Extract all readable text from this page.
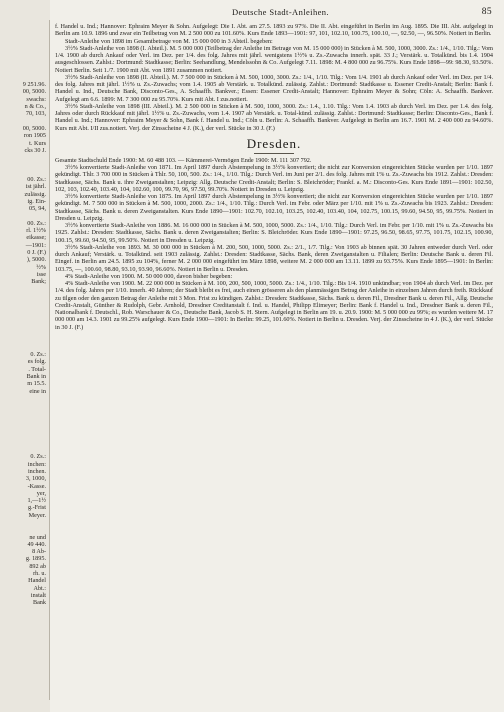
Deutsche Stadt-Anleihen.	85
9 251.96.
00, 5000.
swachs:
n & Co.,
70, 103,
00, 5000.
ron 1905
t. Kurs
cks 30 J.
00. Zs.:
ist jährl.
zulässig.
ig. Ein-
05, 94,
00. Zs.:
rl. 1½%
eikasse;
—1901:
0 J. (F.)
), 5000.
½%
isse
Bank;
0. Zs.:
es folg.
. Total-
Bank in
m 15.5.
eine in
0. Zs.:
inchen:
inchen.
3, 1000,
-Kasse.
yer,
1,—1½
g.-Frist
Meyer.
ne und
49 440.
8 Ab-
g. 1895.
892 ab
rh. u.
Handel
Abt.:
instalt
Bank

f. Handel u. Ind.; Hannover: Ephraim Meyer & Sohn. Aufgelegt: Die I. Abt. am 27.5. 1893 zu 97%. Die II. Abt. eingeführt in Berlin im Aug. 1895. Die III. Abt. aufgelegt in Berlin am 10.9. 1896 und zwar ein Teilbetrag von M. 2 500 000 zu 101.60%. Kurs Ende 1893—1901: 97, 101, 102.10, 100.75, 100.10, —, 92.50, —, 96.50%. Notiert in Berlin.

Stadt-Anleihe von 1898 im Gesamtbetrage von M. 15 000 000 in 3 Abteil. begeben:

3½% Stadt-Anleihe von 1898 (I. Abteil.). M. 5 000 000 (Teilbetrag der Anleihe im Betrage von M. 15 000 000) in Stücken à M. 500, 1000, 3000. Zs.: 1/4., 1/10. Tilg.: Vom 1/4. 1900 ab durch Ankauf oder Verl. im Dez. per 1/4. des folg. Jahres mit jährl. wenigstens 1½% u. Zs.-Zuwachs innerh. spät. 33 J.; Verstärk. u. Totalkünd. bis 1.4. 1904 ausgeschlossen. Zahlst.: Dortmund: Stadtkasse; Berlin: Seehandlung, Mendelssohn & Co. Aufgelegt 7.11. 1898: M. 4 800 000 zu 96.75%. Kurs Ende 1898—99: 98.30, 93.50%. Notiert Berlin. Seit 1./7. 1900 mit Abt. von 1891 zusammen notiert.

3½% Stadt-Anleihe von 1898 (II. Abteil.). M. 7 500 000 in Stücken à M. 500, 1000, 3000. Zs.: 1/4., 1/10. Tilg.: Vom 1/4. 1901 ab durch Ankauf oder Verl. im Dez. per 1/4. des folg. Jahres mit jährl. 1½% u. Zs.-Zuwachs; vom 1.4. 1905 ab Verstärk. u. Totalkünd. zulässig. Zahlst.: Dortmund: Stadtkasse u. Essener Credit-Anstalt; Berlin: Bank f. Handel u. Ind., Deutsche Bank, Disconto-Ges., A. Schaaffh. Bankver.; Essen: Essener Credit-Anstalt; Hannover: Ephraim Meyer & Sohn; Cöln: A. Schaaffh. Bankver. Aufgelegt am 6.6. 1899: M. 7 300 000 zu 95.70%. Kurs mit Abt. I zus.notiert.

3½% Stadt-Anleihe von 1898 (III. Abteil.). M. 2 500 000 in Stücken à M. 500, 1000, 3000. Zs.: 1.4., 1.10. Tilg.: Vom 1.4. 1903 ab durch Verl. im Dez. per 1.4. des folg. Jahres oder durch Rückkauf mit jährl. 1½% u. Zs.-Zuwachs, vom 1.4. 1907 ab Verstärk. u. Total-künd. zulässig. Zahlst.: Dortmund: Stadtkasse; Berlin: Disconto-Ges., Bank f. Handel u. Ind.; Hannover: Ephraim Meyer & Sohn, Bank f. Handel u. Ind.; Cöln u. Berlin: A. Schaaffh. Bankver. Aufgelegt in Berlin am 16.7. 1901 M. 2 400 000 zu 94.60%. Kurs mit Abt. I/II zus.notiert. Verj. der Zinsscheine 4 J. (K.), der verl. Stücke in 30 J. (F.)

Dresden.

Gesamte Stadtschuld Ende 1900: M. 60 488 103. — Kämmerei-Vermögen Ende 1900: M. 111 307 792.

3½% konvertierte Stadt-Anleihe von 1871. Im April 1897 durch Abstempelung in 3½% konvertiert; die nicht zur Konversion eingereichten Stücke wurden per 1/10. 1897 gekündigt. Thlr. 3 700 000 in Stücken à Thlr. 50, 100, 500. Zs.: 1/4., 1/10. Tilg.: Durch Verl. im Juni per 2/1. des folg. Jahres mit 1% u. Zs.-Zuwachs bis 1912. Zahlst.: Dresden: Stadtkasse, Sächs. Bank u. ihre Zweiganstalten; Leipzig: Allg. Deutsche Credit-Anstalt; Berlin: S. Bleichröder; Frankf. a. M.: Disconto-Ges. Kurs Ende 1891—1901: 102.50, 102, 103, 102.40, 103.40, 104, 102.60, 100, 99.70, 96, 97.50, 99.70%. Notiert in Dresden u. Leipzig.

3½% konvertierte Stadt-Anleihe von 1875. Im April 1897 durch Abstempelung in 3½% konvertiert; die nicht zur Konversion eingereichten Stücke wurden per 1/10. 1897 gekündigt. M. 7 500 000 in Stücken à M. 500, 1000, 2000. Zs.: 1/4., 1/10. Tilg.: Durch Verl. im Febr. oder März per 1/10. mit 1% u. Zs.-Zuwachs bis 1923. Zahlst.: Dresden: Stadtkasse, Sächs. Bank u. deren Zweiganstalten. Kurs Ende 1890—1901: 102.70, 102.10, 103.25, 102.40, 103.40, 104, 102.75, 100.15, 99.60, 94.50, 95, 99.75%. Notiert in Dresden u. Leipzig.

3½% konvertierte Stadt-Anleihe von 1886. M. 16 000 000 in Stücken à M. 500, 1000, 5000. Zs.: 1/4., 1/10. Tilg.: Durch Verl. im Febr. per 1/10. mit 1% u. Zs.-Zuwachs bis 1925. Zahlst.: Dresden: Stadtkasse, Sächs. Bank u. deren Zweiganstalten; Berlin: S. Bleichröder. Kurs Ende 1890—1901: 97.25, 96.50, 98.65, 97.75, 101.75, 102.15, 100.90, 100.15, 99.60, 94.50, 95, 99.50%. Notiert in Dresden u. Leipzig.

3½% Stadt-Anleihe von 1893. M. 30 000 000 in Stücken à M. 200, 500, 1000, 5000. Zs.: 2/1., 1/7. Tilg.: Von 1903 ab binnen spät. 30 Jahren entweder durch Verl. oder durch Ankauf; Verstärk. u. Totalkünd. seit 1903 zulässig. Zahlst.: Dresden: Stadtkasse, Sächs. Bank, deren Zweiganstalten u. Filialen; Berlin: Deutsche Bank u. deren Fil. Eingef. in Berlin am 24.5. 1895 zu 104%, ferner M. 2 000 000 eingeführt im März 1898, weitere M. 2 000 000 am 13.11. 1899 zu 93.75%. Kurs Ende 1895—1901: In Berlin: 103.75, —, 100.60, 98.80, 93.10, 93.90, 96.60%. Notiert in Berlin u. Dresden.

4% Stadt-Anleihe von 1900. M. 50 000 000, davon bisher begeben:

4% Stadt-Anleihe von 1900. M. 22 000 000 in Stücken à M. 100, 200, 500, 1000, 5000. Zs.: 1/4., 1/10. Tilg.: Bis 1/4. 1910 unkündbar; von 1904 ab durch Verl. im Dez. per 1/4. des folg. Jahres per 1/10. innerh. 40 Jahren; der Stadt bleibt es frei, auch einen grösseren als den planmässigen Betrag der Anleihe in einzelnen Jahren durch freih. Rückkauf zu tilgen oder den ganzen Betrag der Anleihe mit 3 Mon. Frist zu kündigen. Zahlst.: Dresden: Stadtkasse, Sächs. Bank u. deren Fil., Dresdner Bank u. deren Fil., Allg. Deutsche Credit-Anstalt, Günther & Rudolph, Gebr. Arnhold, Dresdner Creditanstalt f. Ind. u. Handel, Philipp Elimeyer; Berlin: Bank f. Handel u. Ind., Dresdner Bank u. deren Fil., Nationalbank f. Deutschl., Rob. Warschauer & Co., Deutsche Bank, Jacob S. H. Stern. Aufgelegt in Berlin am 19. u. 20.9. 1900: M. 5 000 000 zu 99%; es wurden weitere M. 17 000 000 am 14.3. 1901 zu 99.25% aufgelegt. Kurs Ende 1900—1901: In Berlin: 99.25, 101.60%. Notiert in Berlin u. Dresden. Verj. der Zinsscheine in 4 J. (K.), der verl. Stücke in 30 J. (F.)
